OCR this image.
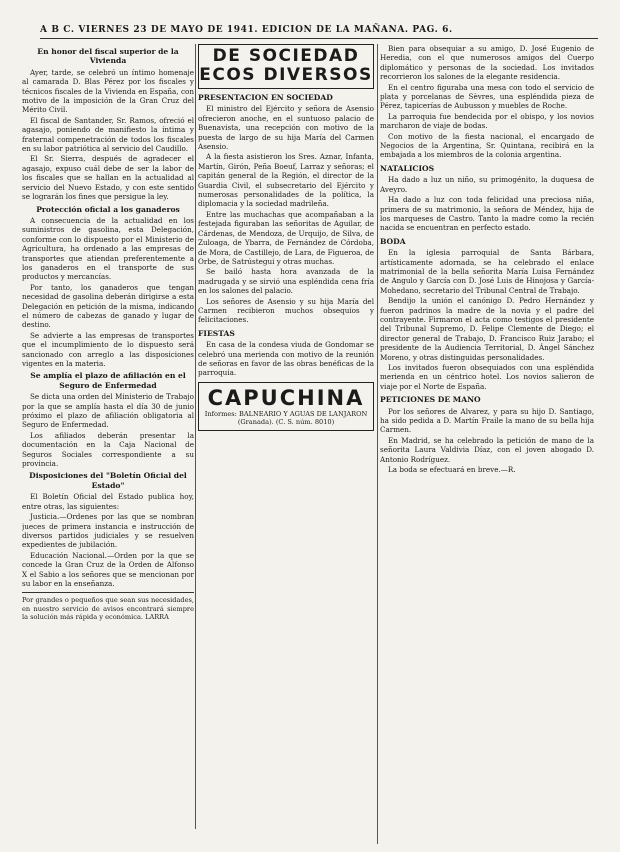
A B C. VIERNES 23 DE MAYO DE 1941. EDICION DE LA MAÑANA. PAG. 6.
En honor del fiscal superior de la Vivienda

Ayer, tarde, se celebró un íntimo homenaje al camarada D. Blas Pérez por los fiscales y técnicos fiscales de la Vivienda en España, con motivo de la imposición de la Gran Cruz del Mérito Civil.

El fiscal de Santander, Sr. Ramos, ofreció el agasajo, poniendo de manifiesto la íntima y fraternal compenetración de todos los fiscales en su labor patriótica al servicio del Caudillo.

El Sr. Sierra, después de agradecer el agasajo, expuso cuál debe de ser la labor de los fiscales que se hallan en la actualidad al servicio del Nuevo Estado, y con este sentido se lograrán los fines que persigue la ley.

Protección oficial a los ganaderos

A consecuencia de la actualidad en los suministros de gasolina, esta Delegación, conforme con lo dispuesto por el Ministerio de Agricultura, ha ordenado a las empresas de transportes que atiendan preferentemente a los ganaderos en el transporte de sus productos y mercancías.

Por tanto, los ganaderos que tengan necesidad de gasolina deberán dirigirse a esta Delegación en petición de la misma, indicando el número de cabezas de ganado y lugar de destino.

Se advierte a las empresas de transportes que el incumplimiento de lo dispuesto será sancionado con arreglo a las disposiciones vigentes en la materia.

Se amplía el plazo de afiliación en el Seguro de Enfermedad

Se dicta una orden del Ministerio de Trabajo por la que se amplía hasta el día 30 de junio próximo el plazo de afiliación obligatoria al Seguro de Enfermedad.

Los afiliados deberán presentar la documentación en la Caja Nacional de Seguros Sociales correspondiente a su provincia.

Disposiciones del "Boletín Oficial del Estado"

El Boletín Oficial del Estado publica hoy, entre otras, las siguientes:

Justicia.—Ordenes por las que se nombran jueces de primera instancia e instrucción de diversos partidos judiciales y se resuelven expedientes de jubilación.

Educación Nacional.—Orden por la que se concede la Gran Cruz de la Orden de Alfonso X el Sabio a los señores que se mencionan por su labor en la enseñanza.

Por grandes o pequeños que sean sus necesidades, en nuestro servicio de avisos encontrará siempre la solución más rápida y económica. LARRA
DE SOCIEDAD
ECOS DIVERSOS
PRESENTACION EN SOCIEDAD

El ministro del Ejército y señora de Asensio ofrecieron anoche, en el suntuoso palacio de Buenavista, una recepción con motivo de la puesta de largo de su hija María del Carmen Asensio.

A la fiesta asistieron los Sres. Aznar, Infanta, Martín, Girón, Peña Boeuf, Larraz y señoras; el capitán general de la Región, el director de la Guardia Civil, el subsecretario del Ejército y numerosas personalidades de la política, la diplomacia y la sociedad madrileña.

Entre las muchachas que acompañaban a la festejada figuraban las señoritas de Aguilar, de Cárdenas, de Mendoza, de Urquijo, de Silva, de Zuloaga, de Ybarra, de Fernández de Córdoba, de Mora, de Castillejo, de Lara, de Figueroa, de Orbe, de Satrústegui y otras muchas.

Se bailó hasta hora avanzada de la madrugada y se sirvió una espléndida cena fría en los salones del palacio.

Los señores de Asensio y su hija María del Carmen recibieron muchos obsequios y felicitaciones.

FIESTAS

En casa de la condesa viuda de Gondomar se celebró una merienda con motivo de la reunión de señoras en favor de las obras benéficas de la parroquia.

CAPUCHINA
Informes: BALNEARIO Y AGUAS DE LANJARON (Granada). (C. S. núm. 8010)

Bien para obsequiar a su amigo, D. José Eugenio de Heredia, con el que numerosos amigos del Cuerpo diplomático y personas de la sociedad. Los invitados recorrieron los salones de la elegante residencia.

En el centro figuraba una mesa con todo el servicio de plata y porcelanas de Sèvres, una espléndida pieza de Pérez, tapicerías de Aubusson y muebles de Roche.

La parroquia fue bendecida por el obispo, y los novios marcharon de viaje de bodas.

Con motivo de la fiesta nacional, el encargado de Negocios de la Argentina, Sr. Quintana, recibirá en la embajada a los miembros de la colonia argentina.

NATALICIOS

Ha dado a luz un niño, su primogénito, la duquesa de Aveyro.

Ha dado a luz con toda felicidad una preciosa niña, primera de su matrimonio, la señora de Méndez, hija de los marqueses de Castro. Tanto la madre como la recién nacida se encuentran en perfecto estado.

BODA

En la iglesia parroquial de Santa Bárbara, artísticamente adornada, se ha celebrado el enlace matrimonial de la bella señorita María Luisa Fernández de Angulo y García con D. José Luis de Hinojosa y García-Mohedano, secretario del Tribunal Central de Trabajo.

Bendijo la unión el canónigo D. Pedro Hernández y fueron padrinos la madre de la novia y el padre del contrayente. Firmaron el acta como testigos el presidente del Tribunal Supremo, D. Felipe Clemente de Diego; el director general de Trabajo, D. Francisco Ruiz Jarabo; el presidente de la Audiencia Territorial, D. Ángel Sánchez Moreno, y otras distinguidas personalidades.

Los invitados fueron obsequiados con una espléndida merienda en un céntrico hotel. Los novios salieron de viaje por el Norte de España.

PETICIONES DE MANO

Por los señores de Alvarez, y para su hijo D. Santiago, ha sido pedida a D. Martín Fraile la mano de su bella hija Carmen.

En Madrid, se ha celebrado la petición de mano de la señorita Laura Valdivia Díaz, con el joven abogado D. Antonio Rodríguez.

La boda se efectuará en breve.—R.
